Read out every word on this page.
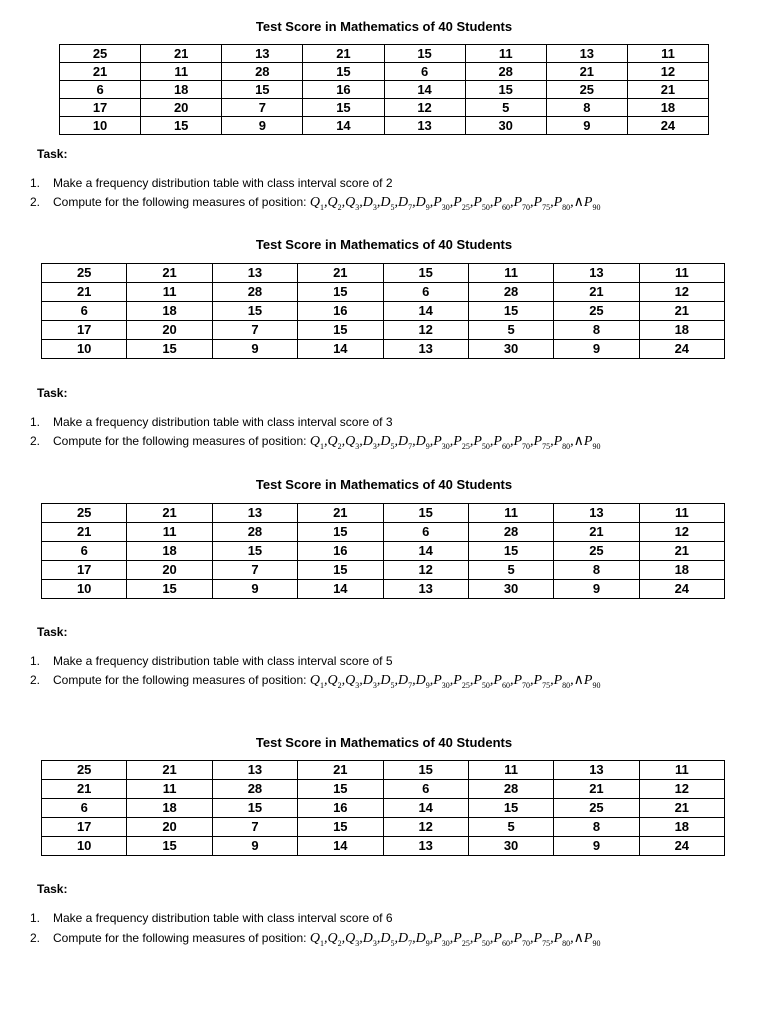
Test Score in Mathematics of 40 Students
25	21	13	21	15	11	13	11
21	11	28	15	6	28	21	12
6	18	15	16	14	15	25	21
17	20	7	15	12	5	8	18
10	15	9	14	13	30	9	24
Task:
1. Make a frequency distribution table with class interval score of 2
2. Compute for the following measures of position: $Q_1,Q_2,Q_3,D_3,D_5,D_7,D_9,P_{30},P_{25},P_{50},P_{60},P_{70},P_{75},P_{80},\wedge P_{90}$
Test Score in Mathematics of 40 Students
25	21	13	21	15	11	13	11
21	11	28	15	6	28	21	12
6	18	15	16	14	15	25	21
17	20	7	15	12	5	8	18
10	15	9	14	13	30	9	24
Task:
1. Make a frequency distribution table with class interval score of 3
2. Compute for the following measures of position: $Q_1,Q_2,Q_3,D_3,D_5,D_7,D_9,P_{30},P_{25},P_{50},P_{60},P_{70},P_{75},P_{80},\wedge P_{90}$
Test Score in Mathematics of 40 Students
25	21	13	21	15	11	13	11
21	11	28	15	6	28	21	12
6	18	15	16	14	15	25	21
17	20	7	15	12	5	8	18
10	15	9	14	13	30	9	24
Task:
1. Make a frequency distribution table with class interval score of 5
2. Compute for the following measures of position: $Q_1,Q_2,Q_3,D_3,D_5,D_7,D_9,P_{30},P_{25},P_{50},P_{60},P_{70},P_{75},P_{80},\wedge P_{90}$
Test Score in Mathematics of 40 Students
25	21	13	21	15	11	13	11
21	11	28	15	6	28	21	12
6	18	15	16	14	15	25	21
17	20	7	15	12	5	8	18
10	15	9	14	13	30	9	24
Task:
1. Make a frequency distribution table with class interval score of 6
2. Compute for the following measures of position: $Q_1,Q_2,Q_3,D_3,D_5,D_7,D_9,P_{30},P_{25},P_{50},P_{60},P_{70},P_{75},P_{80},\wedge P_{90}$
